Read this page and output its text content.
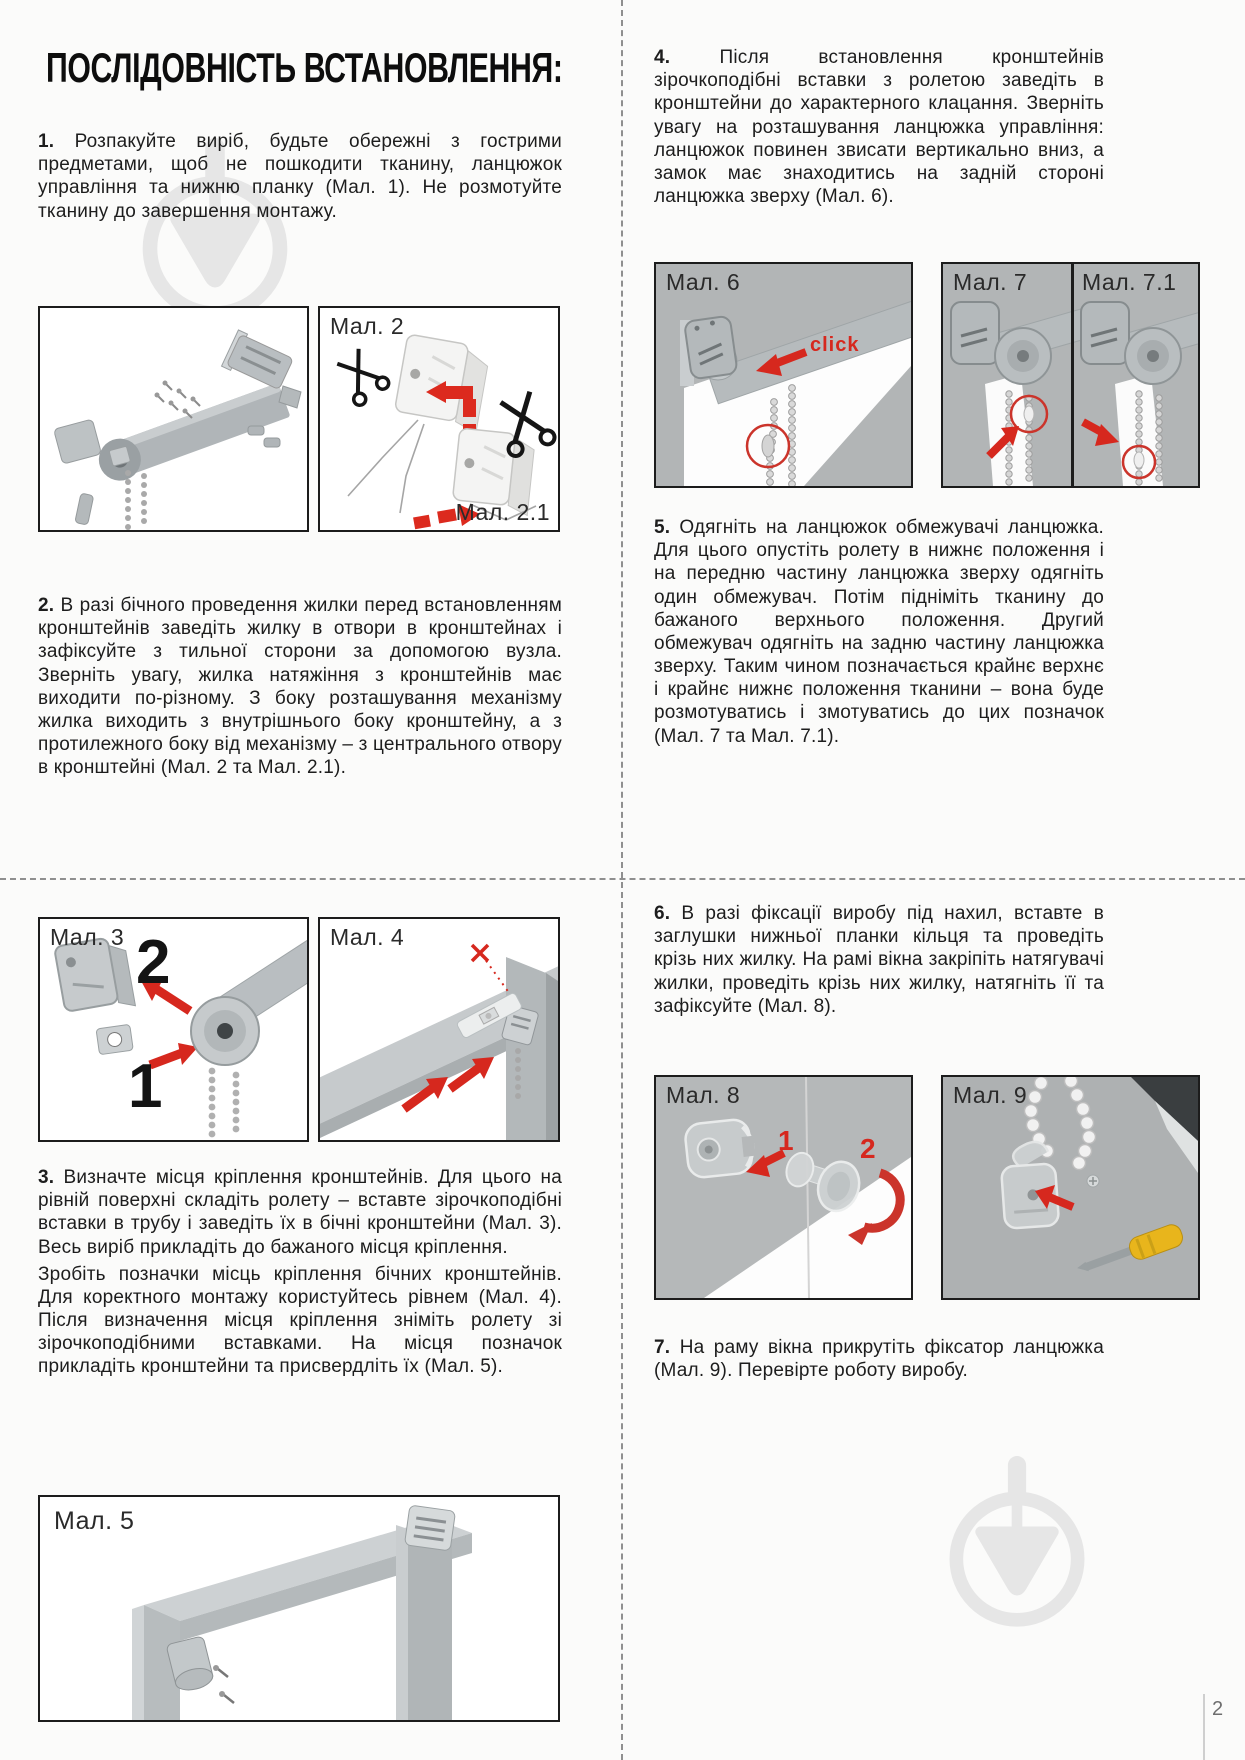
ПОСЛІДОВНІСТЬ ВСТАНОВЛЕННЯ:
1. Розпакуйте виріб, будьте обережні з гострими предметами, щоб не пошкодити тканину, ланцюжок управління та нижню планку (Мал. 1). Не розмотуйте тканину до завершення монтажу.
2. В разі бічного проведення жилки перед встановленням кронштейнів заведіть жилку в отвори в кронштейнах і зафіксуйте з тильної сторони за допомогою вузла. Зверніть увагу, жилка натяжіння з кронштейнів має виходити по-різному. З боку розташування механізму жилка виходить з внутрішнього боку кронштейну, а з протилежного боку від механізму – з центрального отвору в кронштейні (Мал. 2 та Мал. 2.1).

3. Визначте місця кріплення кронштейнів. Для цього на рівній поверхні складіть ролету – вставте зірочкоподібні вставки в трубу і заведіть їх в бічні кронштейни (Мал. 3). Весь виріб прикладіть до бажаного місця кріплення.

Зробіть позначки місць кріплення бічних кронштейнів. Для коректного монтажу користуйтесь рівнем (Мал. 4). Після визначення місця кріплення зніміть ролету зі зірочкоподібними вставками. На місця позначок прикладіть кронштейни та присвердліть їх (Мал. 5).

4.	Після встановлення кронштейнів зірочкоподібні вставки з ролетою заведіть в кронштейни до характерного клацання. Зверніть увагу на розташування ланцюжка управління: ланцюжок повинен звисати вертикально вниз, а замок має знаходитись на задній стороні ланцюжка зверху (Мал. 6).
5. Одягніть на ланцюжок обмежувачі ланцюжка. Для цього опустіть ролету в нижнє положення і на передню частину ланцюжка зверху одягніть один обмежувач. Потім підніміть тканину до бажаного верхнього положення. Другий обмежувач одягніть на задню частину ланцюжка зверху. Таким чином позначається крайнє верхнє і крайнє нижнє положення тканини – вона буде розмотуватись і змотуватись до цих позначок (Мал. 7 та Мал. 7.1).
6. В разі фіксації виробу під нахил, вставте в заглушки нижньої планки кільця та проведіть крізь них жилку. На рамі вікна закріпіть натягувачі жилки, проведіть крізь них жилку, натягніть її та зафіксуйте (Мал. 8).
7. На раму вікна прикрутіть фіксатор ланцюжка (Мал. 9). Перевірте роботу виробу.
Мал. 2
Мал. 2.1
Мал. 3 2
1
Мал. 4
Мал. 5
Мал. 6
click
Мал. 7 Мал. 7.1
Мал. 8
1 2
Мал. 9
2
